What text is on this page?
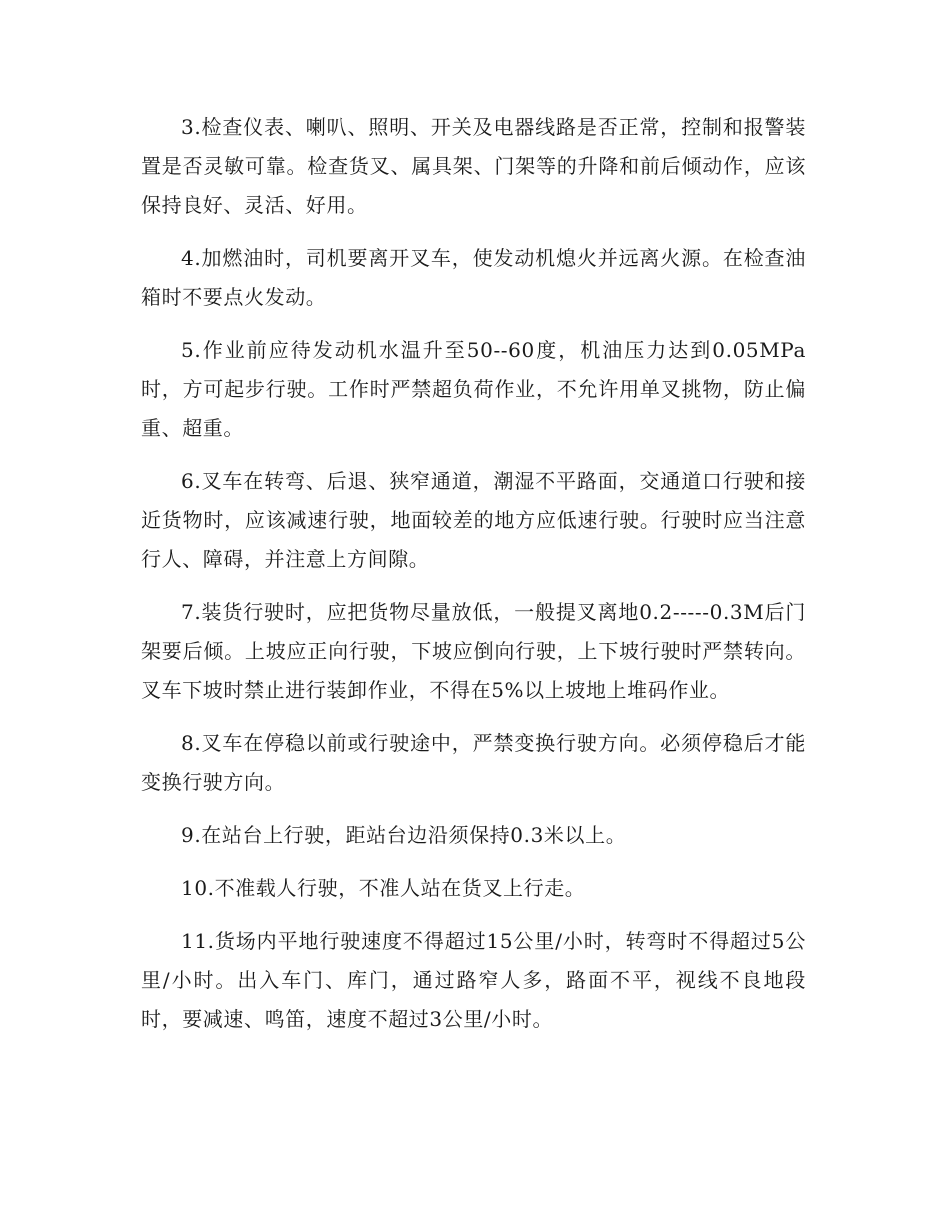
3.检查仪表、喇叭、照明、开关及电器线路是否正常，控制和报警装置是否灵敏可靠。检查货叉、属具架、门架等的升降和前后倾动作，应该保持良好、灵活、好用。

4.加燃油时，司机要离开叉车，使发动机熄火并远离火源。在检查油箱时不要点火发动。

5.作业前应待发动机水温升至50--60度，机油压力达到0.05MPa时，方可起步行驶。工作时严禁超负荷作业，不允许用单叉挑物，防止偏重、超重。

6.叉车在转弯、后退、狭窄通道，潮湿不平路面，交通道口行驶和接近货物时，应该减速行驶，地面较差的地方应低速行驶。行驶时应当注意行人、障碍，并注意上方间隙。

7.装货行驶时，应把货物尽量放低，一般提叉离地0.2-----0.3M后门架要后倾。上坡应正向行驶，下坡应倒向行驶，上下坡行驶时严禁转向。叉车下坡时禁止进行装卸作业，不得在5%以上坡地上堆码作业。

8.叉车在停稳以前或行驶途中，严禁变换行驶方向。必须停稳后才能变换行驶方向。

9.在站台上行驶，距站台边沿须保持0.3米以上。

10.不准载人行驶，不准人站在货叉上行走。

11.货场内平地行驶速度不得超过15公里/小时，转弯时不得超过5公里/小时。出入车门、库门，通过路窄人多，路面不平，视线不良地段时，要减速、鸣笛，速度不超过3公里/小时。
